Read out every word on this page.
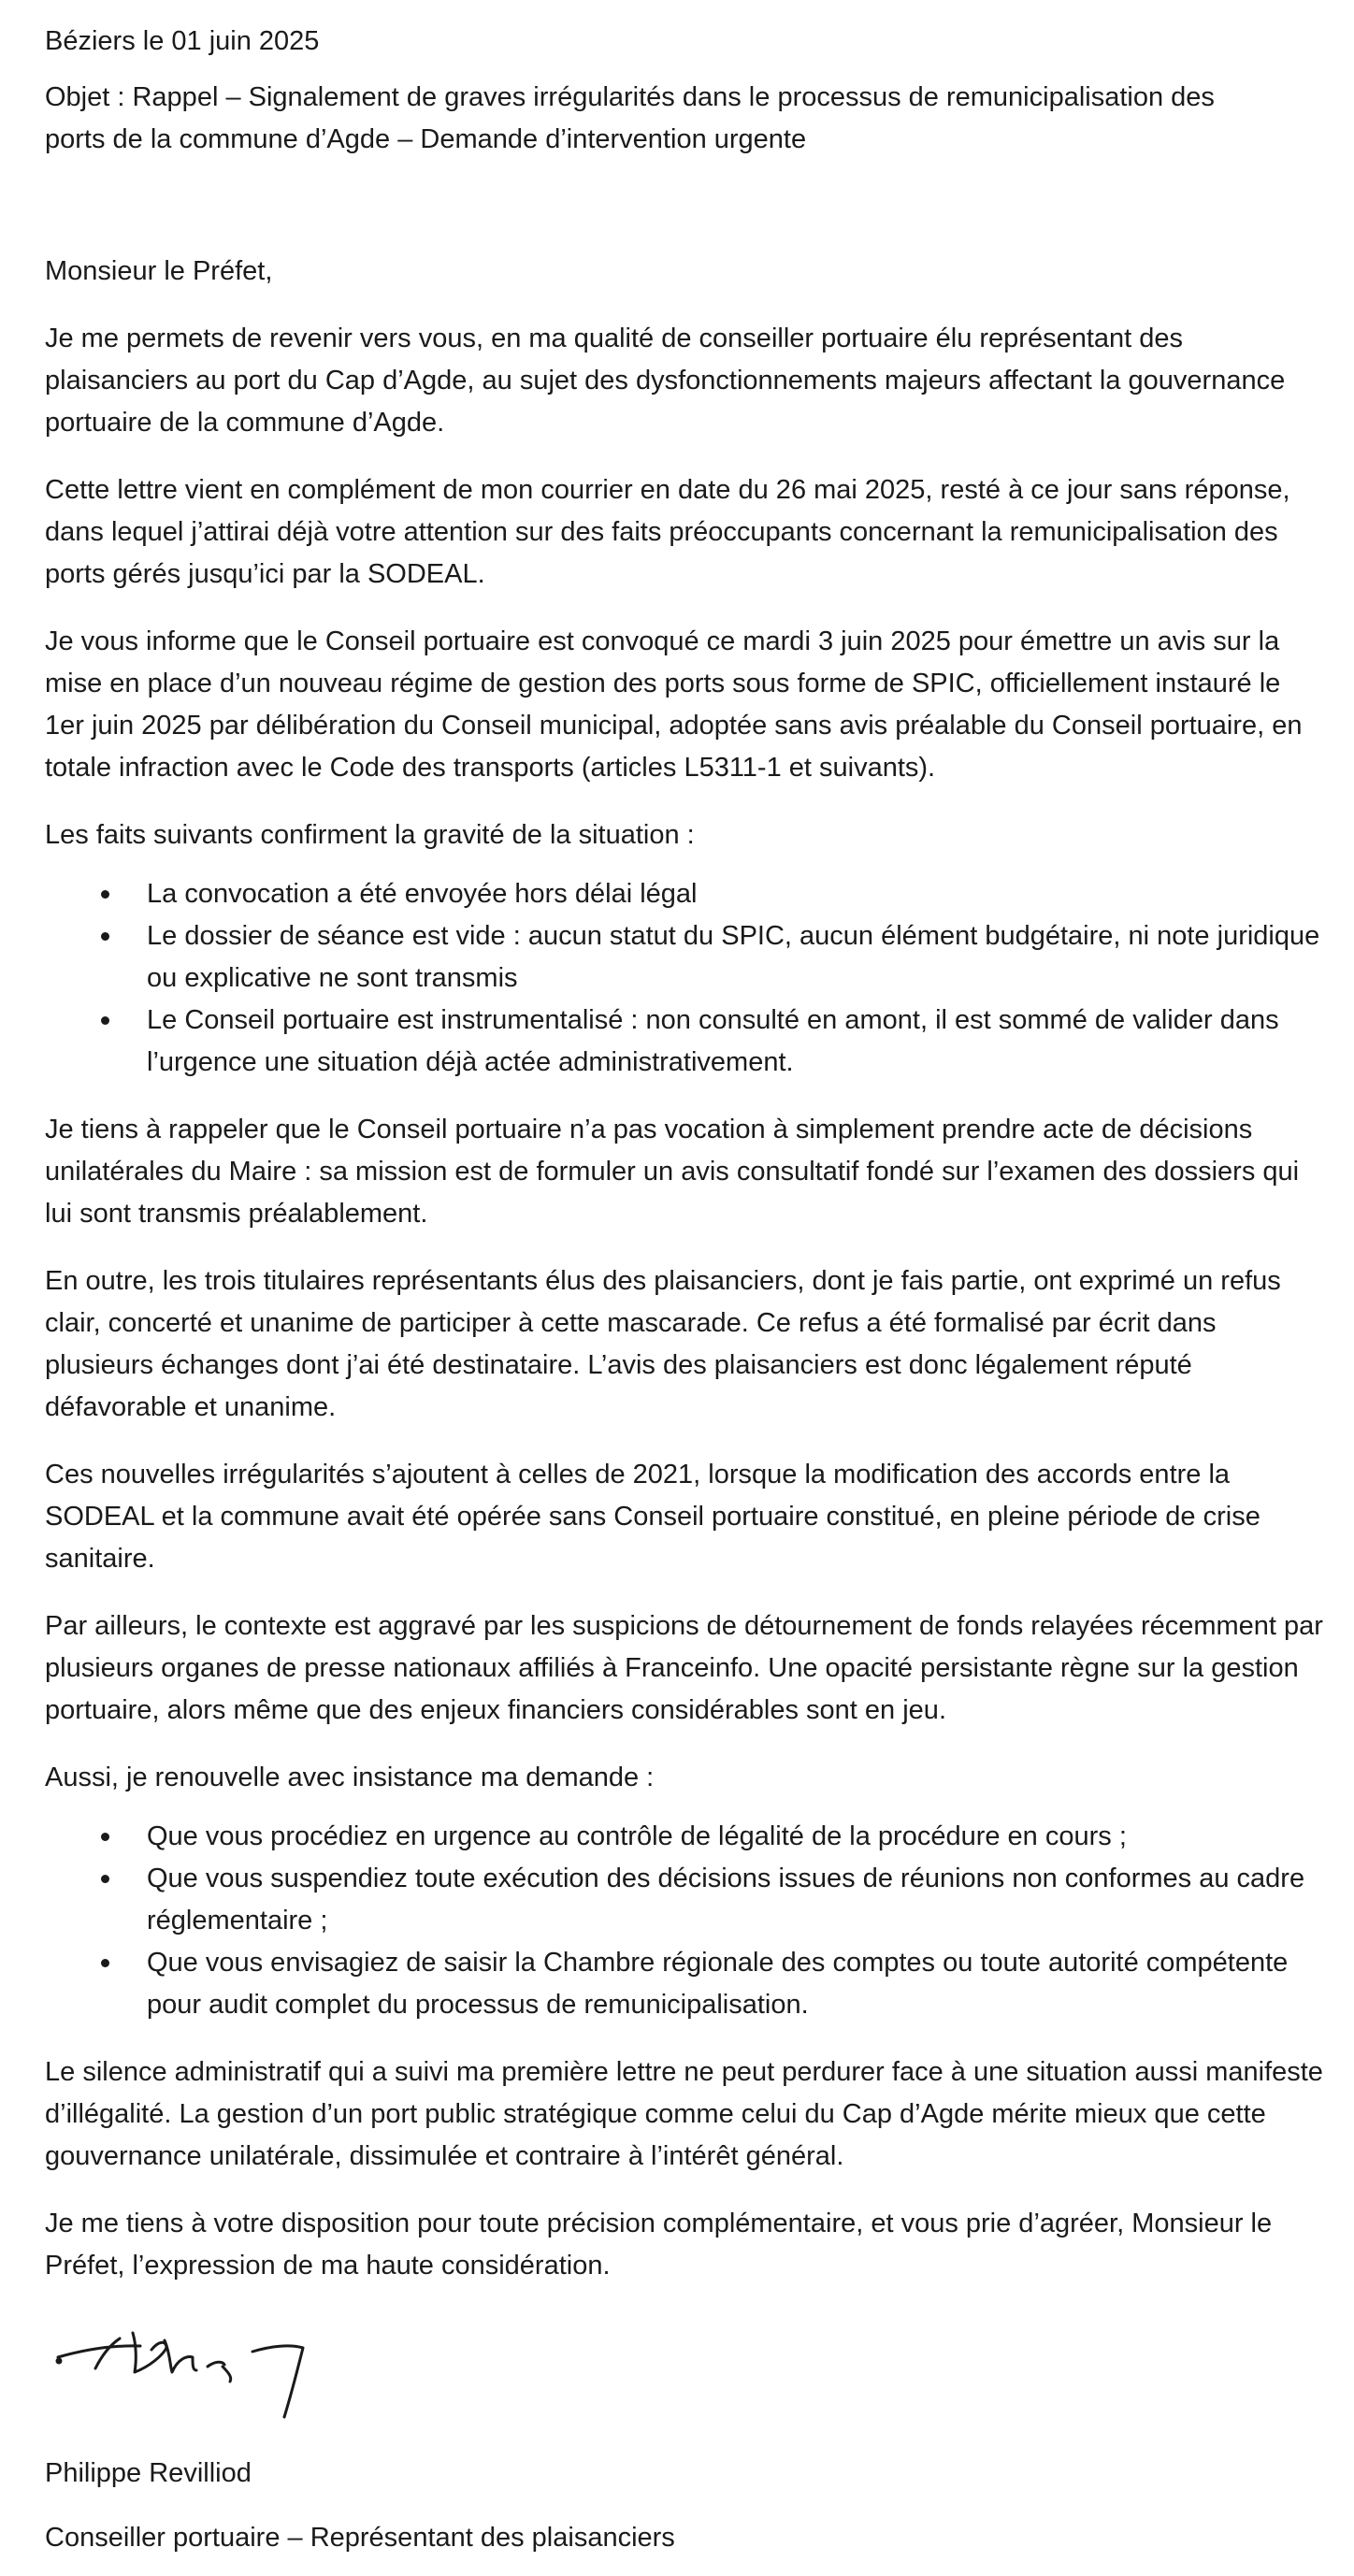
Béziers le 01 juin 2025
Objet : Rappel – Signalement de graves irrégularités dans le processus de remunicipalisation des
ports de la commune d’Agde – Demande d’intervention urgente
Monsieur le Préfet,

Je me permets de revenir vers vous, en ma qualité de conseiller portuaire élu représentant des plaisanciers au port du Cap d’Agde, au sujet des dysfonctionnements majeurs affectant la gouvernance portuaire de la commune d’Agde.

Cette lettre vient en complément de mon courrier en date du 26 mai 2025, resté à ce jour sans réponse, dans lequel j’attirai déjà votre attention sur des faits préoccupants concernant la remunicipalisation des ports gérés jusqu’ici par la SODEAL.

Je vous informe que le Conseil portuaire est convoqué ce mardi 3 juin 2025 pour émettre un avis sur la mise en place d’un nouveau régime de gestion des ports sous forme de SPIC, officiellement instauré le 1er juin 2025 par délibération du Conseil municipal, adoptée sans avis préalable du Conseil portuaire, en totale infraction avec le Code des transports (articles L5311-1 et suivants).

Les faits suivants confirment la gravité de la situation :

La convocation a été envoyée hors délai légal
Le dossier de séance est vide : aucun statut du SPIC, aucun élément budgétaire, ni note juridique ou explicative ne sont transmis
Le Conseil portuaire est instrumentalisé : non consulté en amont, il est sommé de valider dans l’urgence une situation déjà actée administrativement.

Je tiens à rappeler que le Conseil portuaire n’a pas vocation à simplement prendre acte de décisions unilatérales du Maire : sa mission est de formuler un avis consultatif fondé sur l’examen des dossiers qui lui sont transmis préalablement.

En outre, les trois titulaires représentants élus des plaisanciers, dont je fais partie, ont exprimé un refus clair, concerté et unanime de participer à cette mascarade. Ce refus a été formalisé par écrit dans plusieurs échanges dont j’ai été destinataire. L’avis des plaisanciers est donc légalement réputé défavorable et unanime.

Ces nouvelles irrégularités s’ajoutent à celles de 2021, lorsque la modification des accords entre la SODEAL et la commune avait été opérée sans Conseil portuaire constitué, en pleine période de crise sanitaire.

Par ailleurs, le contexte est aggravé par les suspicions de détournement de fonds relayées récemment par plusieurs organes de presse nationaux affiliés à Franceinfo. Une opacité persistante règne sur la gestion portuaire, alors même que des enjeux financiers considérables sont en jeu.

Aussi, je renouvelle avec insistance ma demande :

Que vous procédiez en urgence au contrôle de légalité de la procédure en cours ;
Que vous suspendiez toute exécution des décisions issues de réunions non conformes au cadre réglementaire ;
Que vous envisagiez de saisir la Chambre régionale des comptes ou toute autorité compétente pour audit complet du processus de remunicipalisation.

Le silence administratif qui a suivi ma première lettre ne peut perdurer face à une situation aussi manifeste d’illégalité. La gestion d’un port public stratégique comme celui du Cap d’Agde mérite mieux que cette gouvernance unilatérale, dissimulée et contraire à l’intérêt général.

Je me tiens à votre disposition pour toute précision complémentaire, et vous prie d’agréer, Monsieur le Préfet, l’expression de ma haute considération.

Philippe Revilliod
Conseiller portuaire – Représentant des plaisanciers
